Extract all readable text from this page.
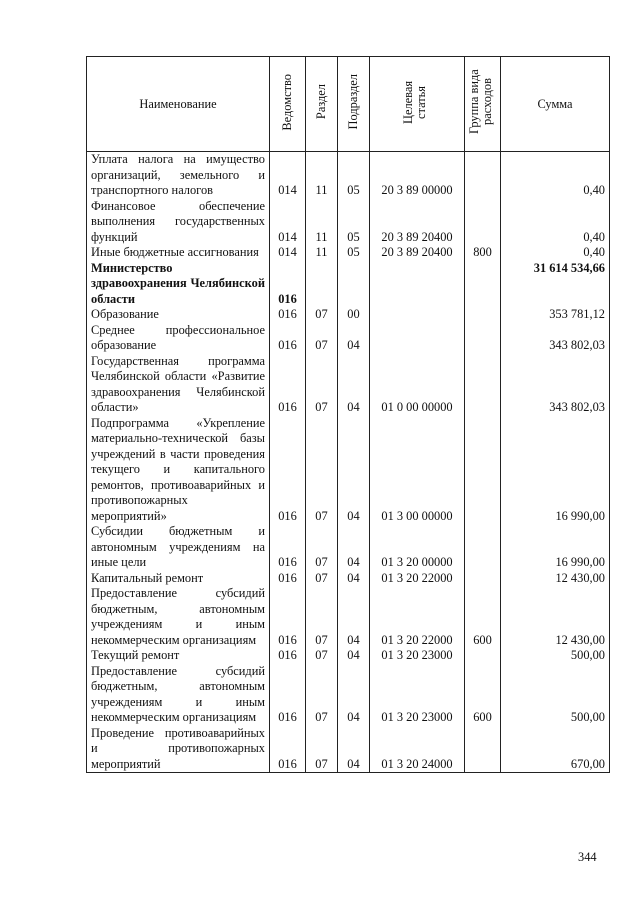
Наименование	Ведомство	Раздел	Подраздел	Целевая статья	Группа вида расходов	Сумма
Уплата налога на имущество организаций, земельного и транспортного налогов	014	11	05	20 3 89 00000		0,40
Финансовое обеспечение выполнения государственных функций	014	11	05	20 3 89 20400		0,40
Иные бюджетные ассигнования	014	11	05	20 3 89 20400	800	0,40
Министерство здравоохранения Челябинской области	016					31 614 534,66
Образование	016	07	00			353 781,12
Среднее профессиональное образование	016	07	04			343 802,03
Государственная программа Челябинской области «Развитие здравоохранения Челябинской области»	016	07	04	01 0 00 00000		343 802,03
Подпрограмма «Укрепление материально-технической базы учреждений в части проведения текущего и капитального ремонтов, противоаварийных и противопожарных мероприятий»	016	07	04	01 3 00 00000		16 990,00
Субсидии бюджетным и автономным учреждениям на иные цели	016	07	04	01 3 20 00000		16 990,00
Капитальный ремонт	016	07	04	01 3 20 22000		12 430,00
Предоставление субсидий бюджетным, автономным учреждениям и иным некоммерческим организациям	016	07	04	01 3 20 22000	600	12 430,00
Текущий ремонт	016	07	04	01 3 20 23000		500,00
Предоставление субсидий бюджетным, автономным учреждениям и иным некоммерческим организациям	016	07	04	01 3 20 23000	600	500,00
Проведение противоаварийных и противопожарных мероприятий	016	07	04	01 3 20 24000		670,00
344
